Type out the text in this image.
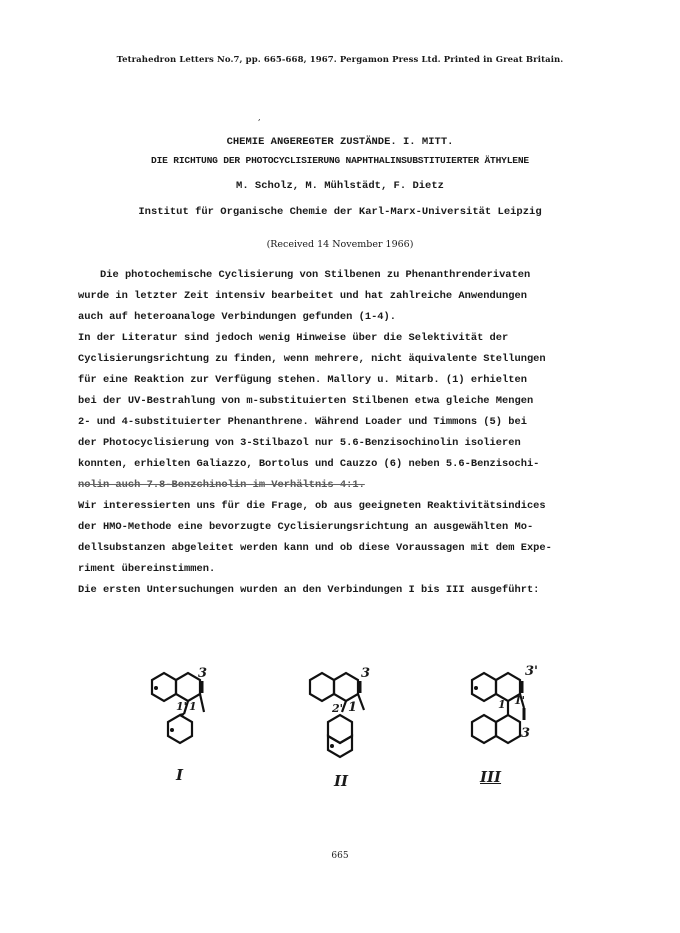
Tetrahedron Letters No.7, pp. 665-668, 1967. Pergamon Press Ltd. Printed in Great Britain.
,
CHEMIE ANGEREGTER ZUSTÄNDE. I. MITT.
DIE RICHTUNG DER PHOTOCYCLISIERUNG NAPHTHALINSUBSTITUIERTER ÄTHYLENE
M. Scholz, M. Mühlstädt, F. Dietz
Institut für Organische Chemie der Karl-Marx-Universität Leipzig
(Received 14 November 1966)
Die photochemische Cyclisierung von Stilbenen zu Phenanthrenderivaten
wurde in letzter Zeit intensiv bearbeitet und hat zahlreiche Anwendungen
auch auf heteroanaloge Verbindungen gefunden (1-4).
In der Literatur sind jedoch wenig Hinweise über die Selektivität der
Cyclisierungsrichtung zu finden, wenn mehrere, nicht äquivalente Stellungen
für eine Reaktion zur Verfügung stehen. Mallory u. Mitarb. (1) erhielten
bei der UV-Bestrahlung von m-substituierten Stilbenen etwa gleiche Mengen
2- und 4-substituierter Phenanthrene. Während Loader und Timmons (5) bei
der Photocyclisierung von 3-Stilbazol nur 5.6-Benzisochinolin isolieren
konnten, erhielten Galiazzo, Bortolus und Cauzzo (6) neben 5.6-Benzisochi-
nolin auch 7.8-Benzchinolin im Verhältnis 4:1.
Wir interessierten uns für die Frage, ob aus geeigneten Reaktivitätsindices
der HMO-Methode eine bevorzugte Cyclisierungsrichtung an ausgewählten Mo-
dellsubstanzen abgeleitet werden kann und ob diese Voraussagen mit dem Expe-
riment übereinstimmen.
Die ersten Untersuchungen wurden an den Verbindungen I bis III ausgeführt:
3
1' 1
I
3
2' 1
II
3'
1 1'
3
III
665
